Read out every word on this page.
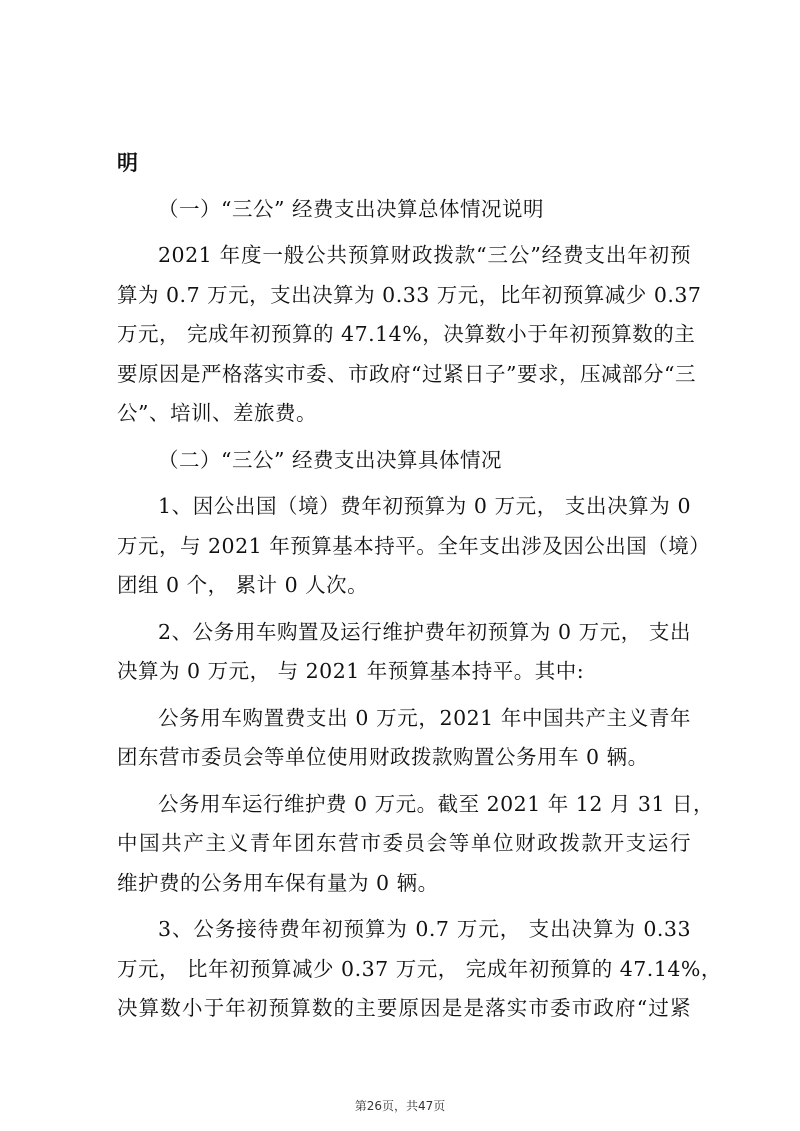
明
（一）“三公” 经费支出决算总体情况说明
2021 年度一般公共预算财政拨款“三公”经费支出年初预
算为 0.7 万元，支出决算为 0.33 万元，比年初预算减少 0.37
万元， 完成年初预算的 47.14%，决算数小于年初预算数的主
要原因是严格落实市委、市政府“过紧日子”要求，压减部分“三
公”、培训、差旅费。
（二）“三公” 经费支出决算具体情况
1、因公出国（境）费年初预算为 0 万元， 支出决算为 0
万元，与 2021 年预算基本持平。全年支出涉及因公出国（境）
团组 0 个， 累计 0 人次。
2、公务用车购置及运行维护费年初预算为 0 万元， 支出
决算为 0 万元， 与 2021 年预算基本持平。其中:
公务用车购置费支出 0 万元，2021 年中国共产主义青年
团东营市委员会等单位使用财政拨款购置公务用车 0 辆。
公务用车运行维护费 0 万元。截至 2021 年 12 月 31 日，
中国共产主义青年团东营市委员会等单位财政拨款开支运行
维护费的公务用车保有量为 0 辆。
3、公务接待费年初预算为 0.7 万元， 支出决算为 0.33
万元， 比年初预算减少 0.37 万元， 完成年初预算的 47.14%，
决算数小于年初预算数的主要原因是是落实市委市政府“过紧
第26页，共47页
